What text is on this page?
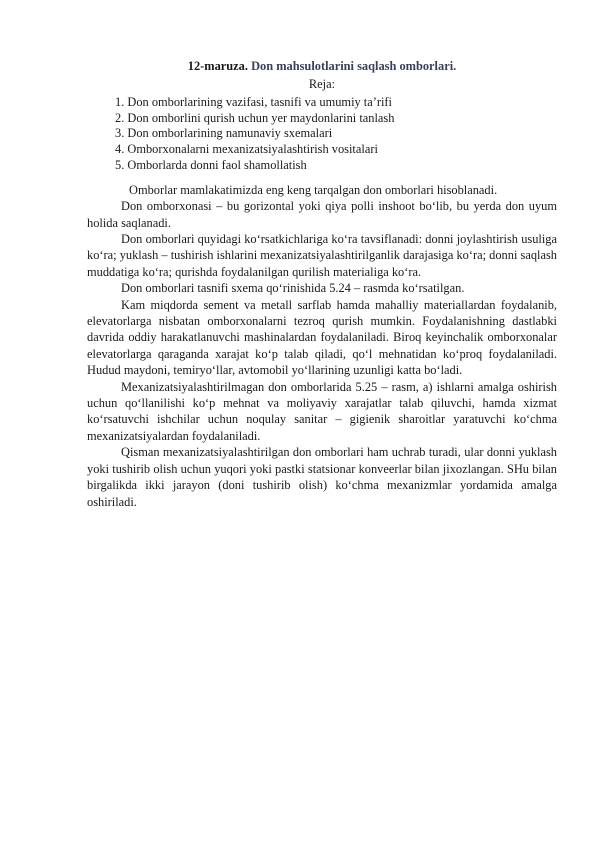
12-maruza. Don mahsulotlarini saqlash omborlari.
Reja:
1. Don omborlarining vazifasi, tasnifi va umumiy ta’rifi
2. Don omborlini qurish uchun yer maydonlarini tanlash
3. Don omborlarining namunaviy sxemalari
4. Omborxonalarni mexanizatsiyalashtirish vositalari
5. Omborlarda donni faol shamollatish

Omborlar mamlakatimizda eng keng tarqalgan don omborlari hisoblanadi.

Don omborxonasi – bu gorizontal yoki qiya polli inshoot bo‘lib, bu yerda don uyum holida saqlanadi.

Don omborlari quyidagi ko‘rsatkichlariga ko‘ra tavsiflanadi: donni joylashtirish usuliga ko‘ra; yuklash – tushirish ishlarini mexanizatsiyalashtirilganlik darajasiga ko‘ra; donni saqlash muddatiga ko‘ra; qurishda foydalanilgan qurilish materialiga ko‘ra.

Don omborlari tasnifi sxema qo‘rinishida 5.24 – rasmda ko‘rsatilgan.

Kam miqdorda sement va metall sarflab hamda mahalliy materiallardan foydalanib, elevatorlarga nisbatan omborxonalarni tezroq qurish mumkin. Foydalanishning dastlabki davrida oddiy harakatlanuvchi mashinalardan foydalaniladi. Biroq keyinchalik omborxonalar elevatorlarga qaraganda xarajat ko‘p talab qiladi, qo‘l mehnatidan ko‘proq foydalaniladi. Hudud maydoni, temiryo‘llar, avtomobil yo‘llarining uzunligi katta bo‘ladi.

Mexanizatsiyalashtirilmagan don omborlarida 5.25 – rasm, a) ishlarni amalga oshirish uchun qo‘llanilishi ko‘p mehnat va moliyaviy xarajatlar talab qiluvchi, hamda xizmat ko‘rsatuvchi ishchilar uchun noqulay sanitar – gigienik sharoitlar yaratuvchi ko‘chma mexanizatsiyalardan foydalaniladi.

Qisman mexanizatsiyalashtirilgan don omborlari ham uchrab turadi, ular donni yuklash yoki tushirib olish uchun yuqori yoki pastki statsionar konveerlar bilan jixozlangan. SHu bilan birgalikda ikki jarayon (doni tushirib olish) ko‘chma mexanizmlar yordamida amalga oshiriladi.
